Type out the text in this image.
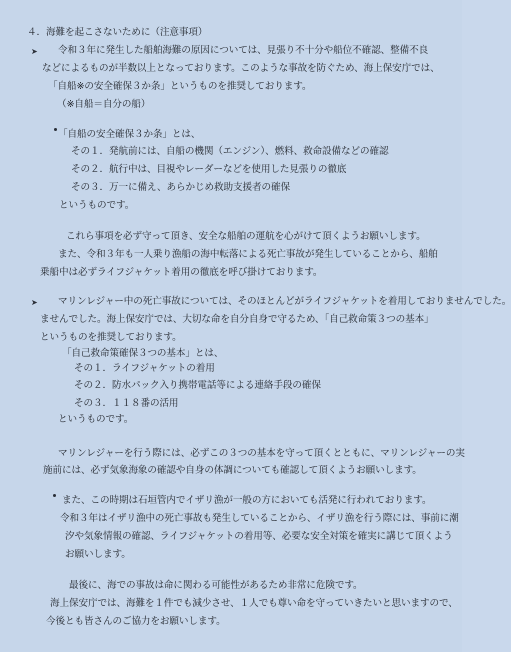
４．海難を起こさないために（注意事項）
➤ 令和３年に発生した船舶海難の原因については、見張り不十分や船位不確認、整備不良
などによるものが半数以上となっております。このような事故を防ぐため、海上保安庁では、
「自船※の安全確保３か条」というものを推奨しております。
（※自船＝自分の船）
「自船の安全確保３か条」とは、
その１．発航前には、自船の機関（エンジン）、燃料、救命設備などの確認
その２．航行中は、目視やレーダーなどを使用した見張りの徹底
その３．万一に備え、あらかじめ救助支援者の確保
というものです。
これら事項を必ず守って頂き、安全な船舶の運航を心がけて頂くようお願いします。
また、令和３年も一人乗り漁船の海中転落による死亡事故が発生していることから、船舶
乗船中は必ずライフジャケット着用の徹底を呼び掛けております。
➤ マリンレジャー中の死亡事故については、そのほとんどがライフジャケットを着用しておりませんでした。
ませんでした。海上保安庁では、大切な命を自分自身で守るため、「自己救命策３つの基本」
というものを推奨しております。
「自己救命策確保３つの基本」とは、
その１．ライフジャケットの着用
その２．防水パック入り携帯電話等による連絡手段の確保
その３．１１８番の活用
というものです。
マリンレジャーを行う際には、必ずこの３つの基本を守って頂くとともに、マリンレジャーの実
施前には、必ず気象海象の確認や自身の体調についても確認して頂くようお願いします。
また、この時期は石垣管内でイザリ漁が一般の方においても活発に行われております。
令和３年はイザリ漁中の死亡事故も発生していることから、イザリ漁を行う際には、事前に潮
汐や気象情報の確認、ライフジャケットの着用等、必要な安全対策を確実に講じて頂くよう
お願いします。
最後に、海での事故は命に関わる可能性があるため非常に危険です。
海上保安庁では、海難を１件でも減少させ、１人でも尊い命を守っていきたいと思いますので、
今後とも皆さんのご協力をお願いします。
